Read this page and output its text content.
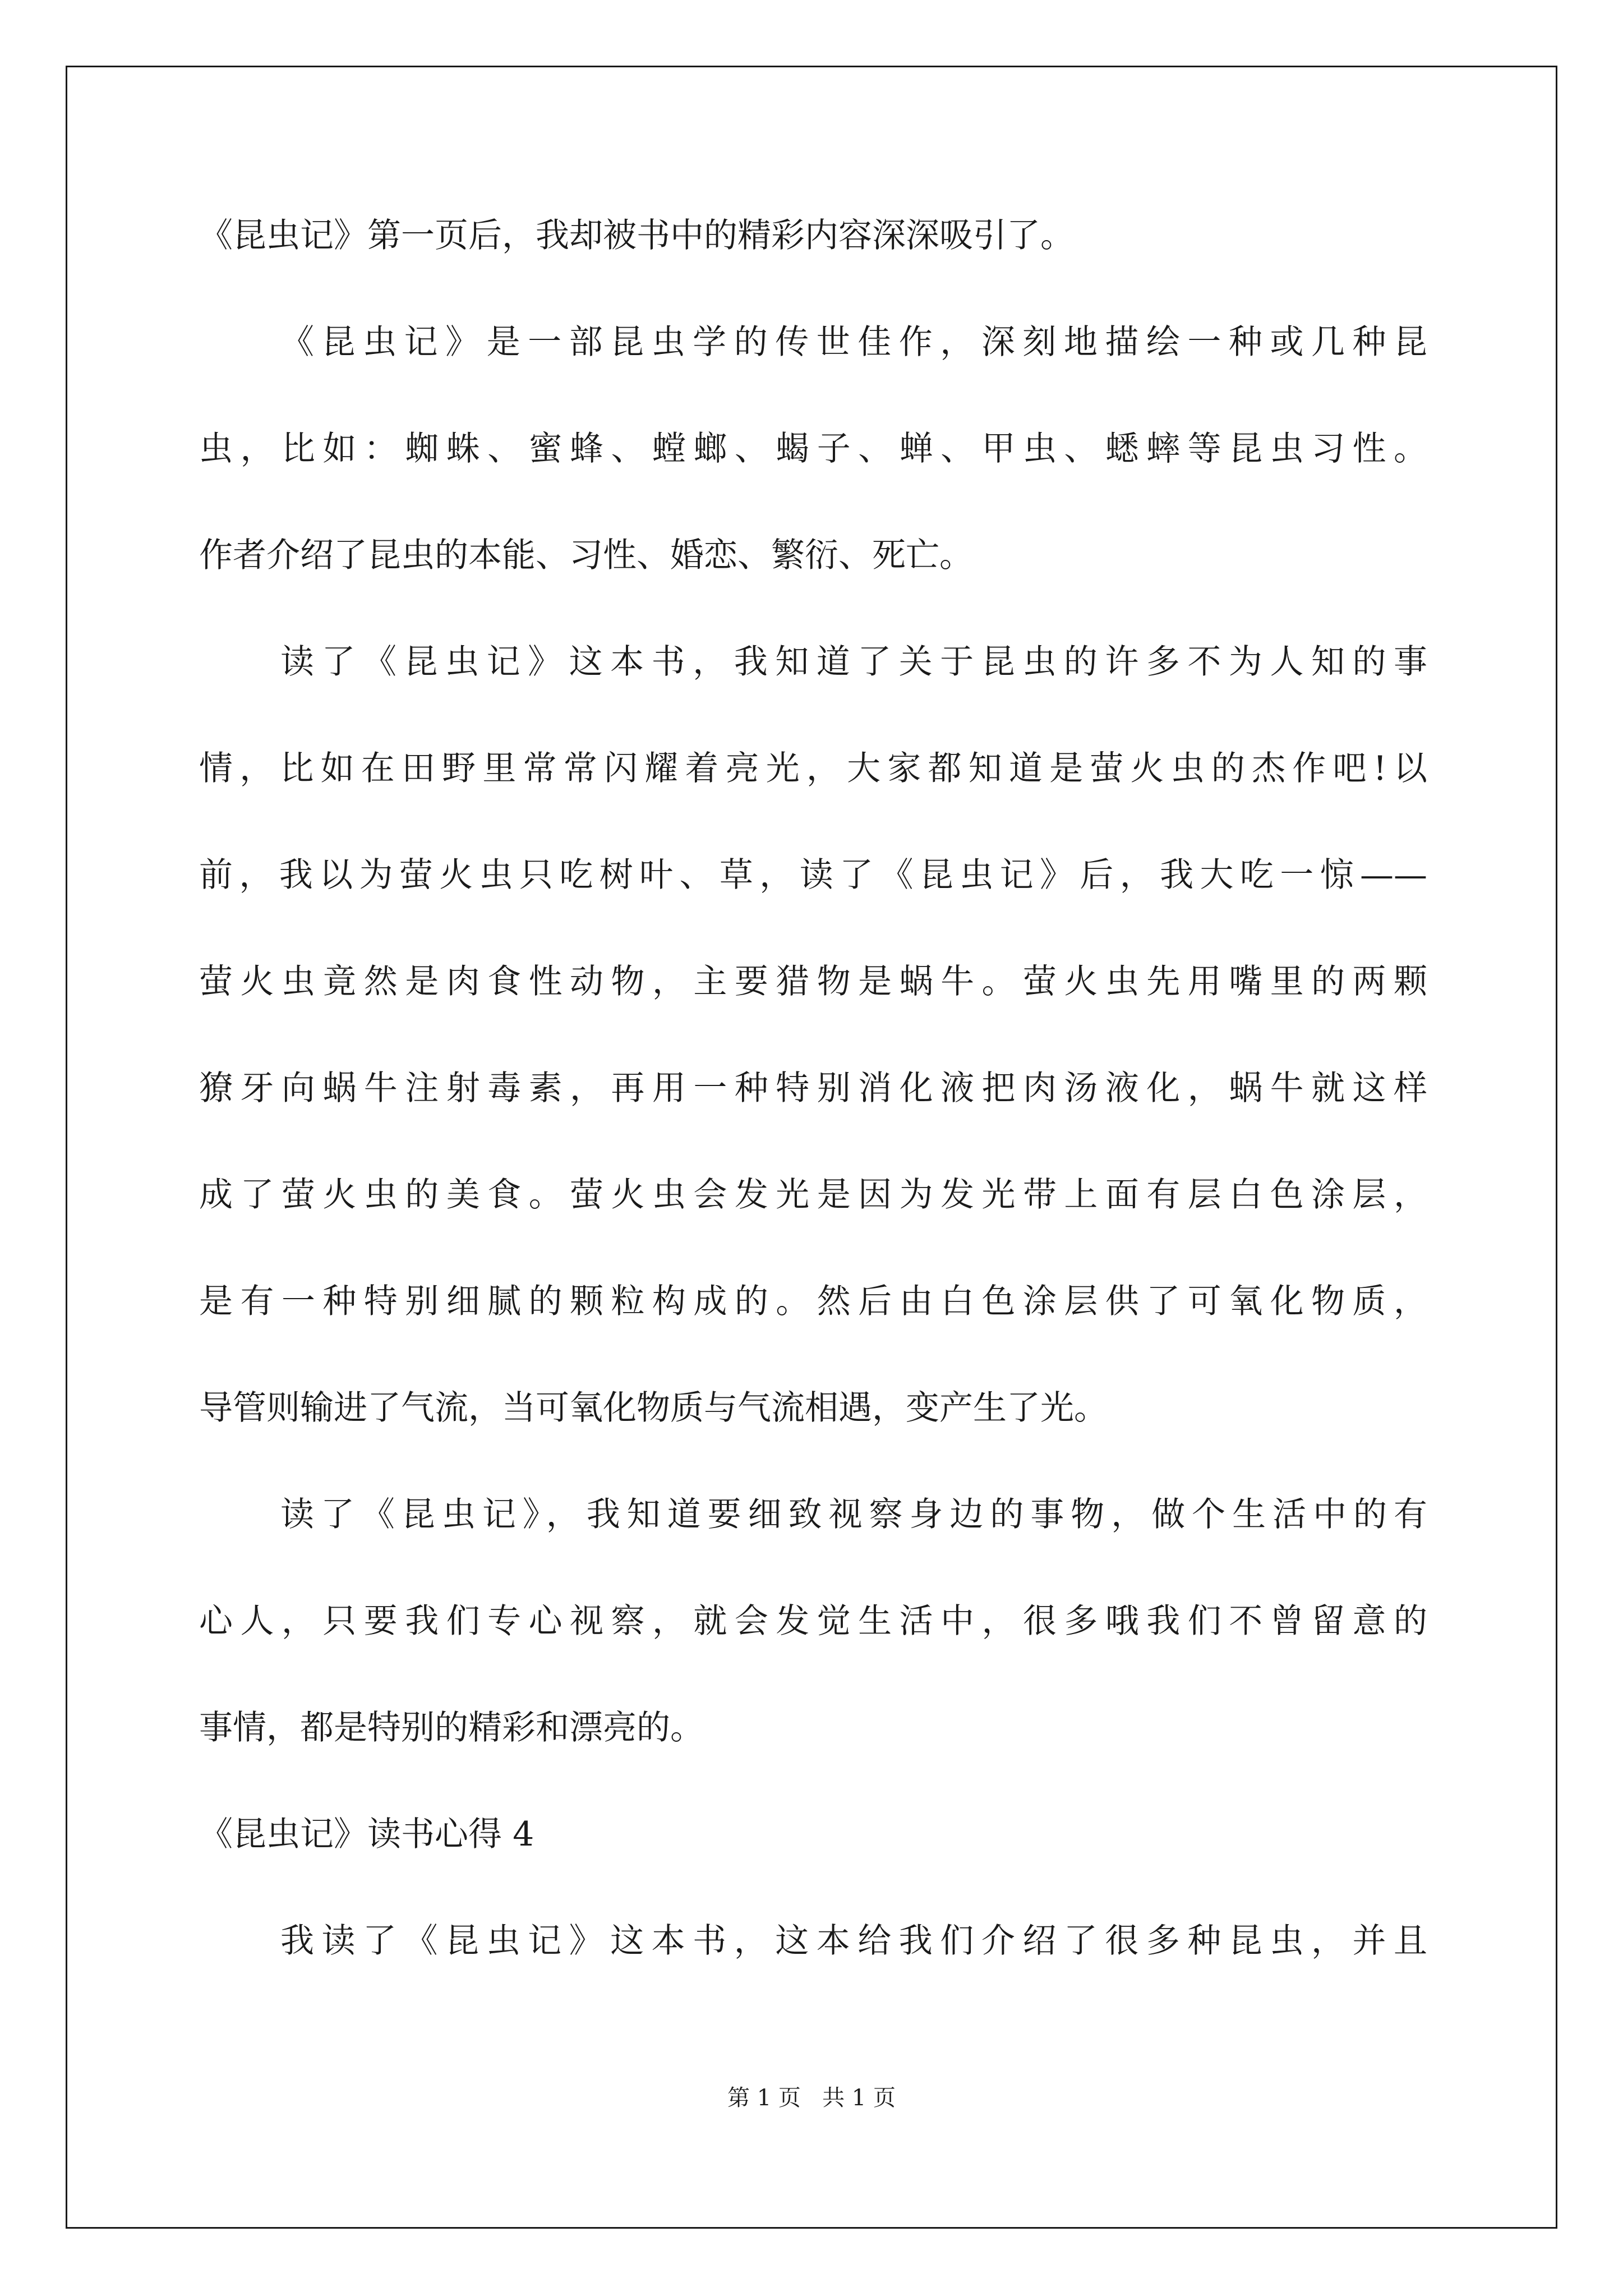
《昆虫记》第一页后，我却被书中的精彩内容深深吸引了。
《昆虫记》是一部昆虫学的传世佳作，深刻地描绘一种或几种昆
虫，比如：蜘蛛、蜜蜂、螳螂、蝎子、蝉、甲虫、蟋蟀等昆虫习性。
作者介绍了昆虫的本能、习性、婚恋、繁衍、死亡。
读了《昆虫记》这本书，我知道了关于昆虫的许多不为人知的事
情，比如在田野里常常闪耀着亮光，大家都知道是萤火虫的杰作吧!以
前，我以为萤火虫只吃树叶、草，读了《昆虫记》后，我大吃一惊——
萤火虫竟然是肉食性动物，主要猎物是蜗牛。萤火虫先用嘴里的两颗
獠牙向蜗牛注射毒素，再用一种特别消化液把肉汤液化，蜗牛就这样
成了萤火虫的美食。萤火虫会发光是因为发光带上面有层白色涂层，
是有一种特别细腻的颗粒构成的。然后由白色涂层供了可氧化物质，
导管则输进了气流，当可氧化物质与气流相遇，变产生了光。
读了《昆虫记》，我知道要细致视察身边的事物，做个生活中的有
心人，只要我们专心视察，就会发觉生活中，很多哦我们不曾留意的
事情，都是特别的精彩和漂亮的。
《昆虫记》读书心得 4
我读了《昆虫记》这本书，这本给我们介绍了很多种昆虫，并且
第 1 页   共 1 页
